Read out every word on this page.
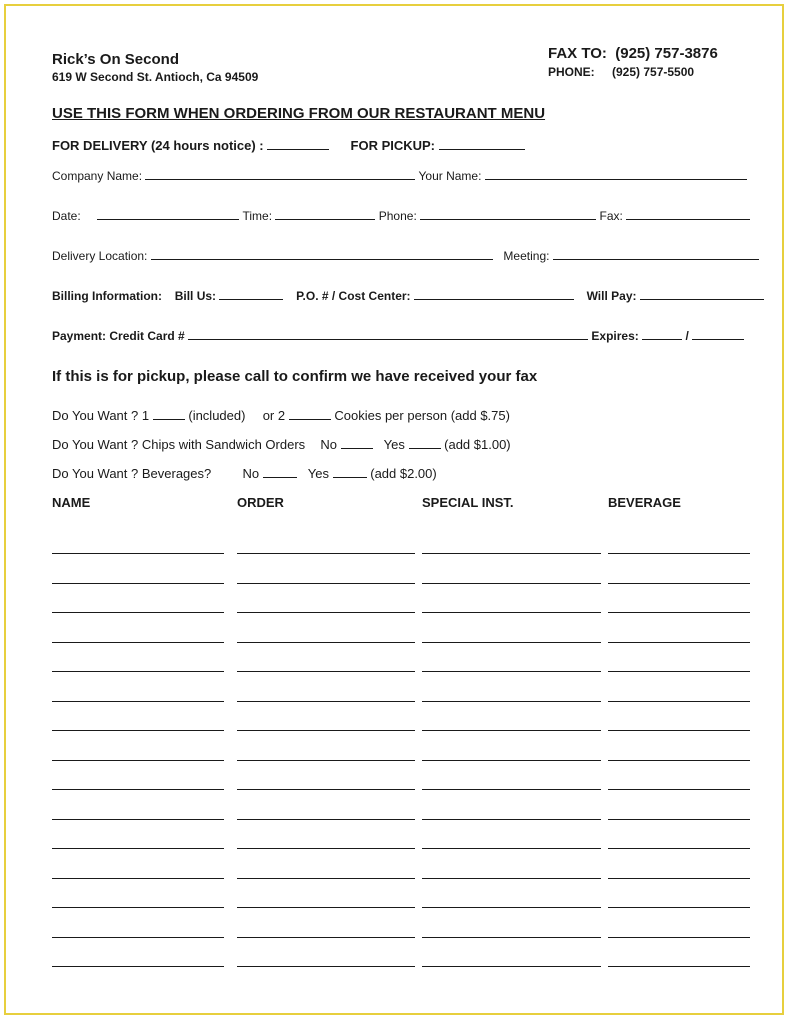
Rick’s On Second
619 W Second St. Antioch, Ca 94509
FAX TO: (925) 757-3876
PHONE: (925) 757-5500
USE THIS FORM WHEN ORDERING FROM OUR RESTAURANT MENU
FOR DELIVERY (24 hours notice) :	FOR PICKUP:
Company Name:	Your Name:
Date:	Time:	Phone:	Fax:
Delivery Location:	Meeting:
Billing Information: Bill Us:	P.O. # / Cost Center:	Will Pay:
Payment: Credit Card #	Expires:	/
If this is for pickup, please call to confirm we have received your fax
Do You Want ? 1	(included) or 2	Cookies per person (add $.75)
Do You Want ? Chips with Sandwich Orders No	Yes	(add $1.00)
Do You Want ? Beverages? No	Yes	(add $2.00)
NAME	ORDER	SPECIAL INST.	BEVERAGE
